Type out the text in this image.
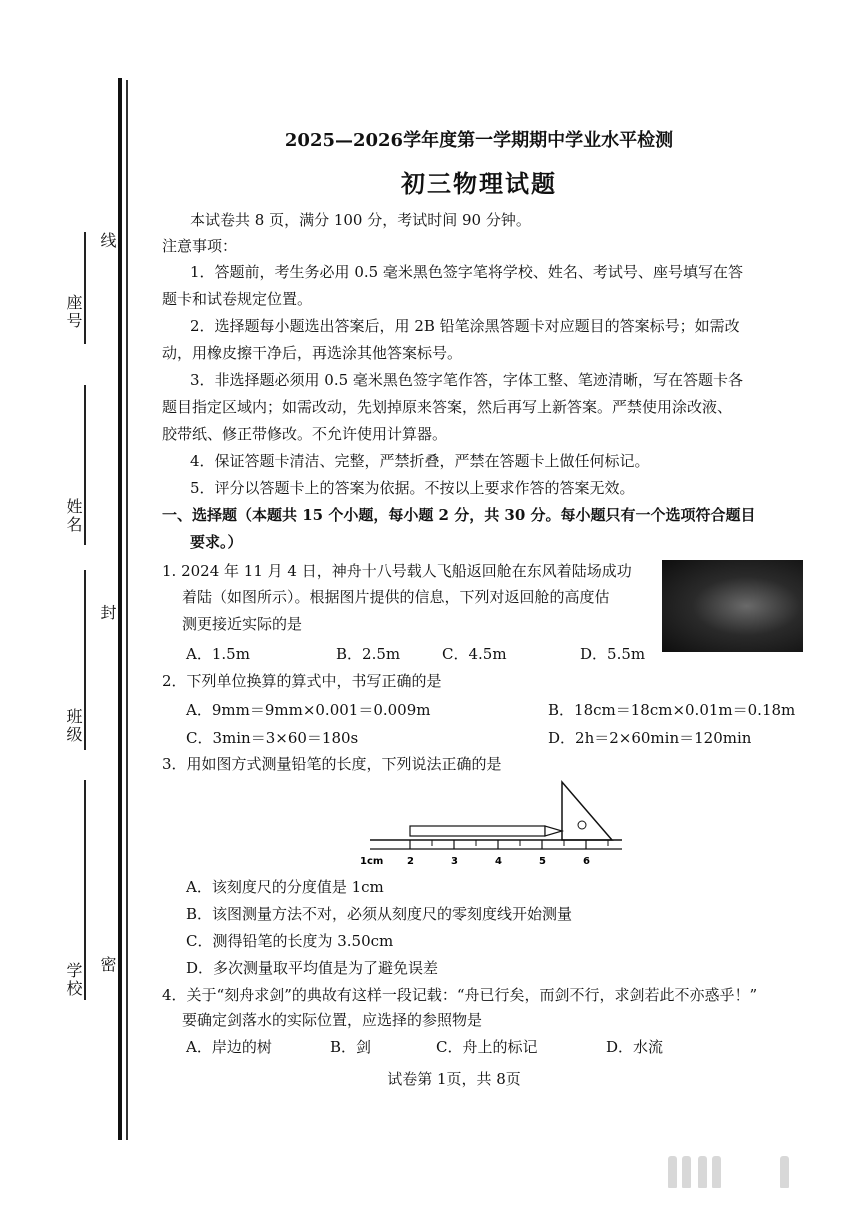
座号
线
姓名
封
班级
学校 密
2025—2026学年度第一学期期中学业水平检测
初三物理试题
本试卷共 8 页，满分 100 分，考试时间 90 分钟。
注意事项：
1．答题前，考生务必用 0.5 毫米黑色签字笔将学校、姓名、考试号、座号填写在答
题卡和试卷规定位置。
2．选择题每小题选出答案后，用 2B 铅笔涂黑答题卡对应题目的答案标号；如需改
动，用橡皮擦干净后，再选涂其他答案标号。
3．非选择题必须用 0.5 毫米黑色签字笔作答，字体工整、笔迹清晰，写在答题卡各
题目指定区域内；如需改动，先划掉原来答案，然后再写上新答案。严禁使用涂改液、
胶带纸、修正带修改。不允许使用计算器。
4．保证答题卡清洁、完整，严禁折叠，严禁在答题卡上做任何标记。
5．评分以答题卡上的答案为依据。不按以上要求作答的答案无效。
一、选择题（本题共 15 个小题，每小题 2 分，共 30 分。每小题只有一个选项符合题目
要求。）
1. 2024 年 11 月 4 日，神舟十八号载人飞船返回舱在东风着陆场成功
着陆（如图所示）。根据图片提供的信息，下列对返回舱的高度估
测更接近实际的是
A．1.5m	B．2.5m	C．4.5m	D．5.5m
2．下列单位换算的算式中，书写正确的是
A．9mm＝9mm×0.001＝0.009m	B．18cm＝18cm×0.01m＝0.18m
C．3min＝3×60＝180s	D．2h＝2×60min＝120min
3．用如图方式测量铅笔的长度，下列说法正确的是
1cm 2	3	4	5	6
A．该刻度尺的分度值是 1cm
B．该图测量方法不对，必须从刻度尺的零刻度线开始测量
C．测得铅笔的长度为 3.50cm
D．多次测量取平均值是为了避免误差
4．关于“刻舟求剑”的典故有这样一段记载：“舟已行矣，而剑不行，求剑若此不亦惑乎！”
要确定剑落水的实际位置，应选择的参照物是
A．岸边的树	B．剑	C．舟上的标记	D．水流
试卷第 1页，共 8页
